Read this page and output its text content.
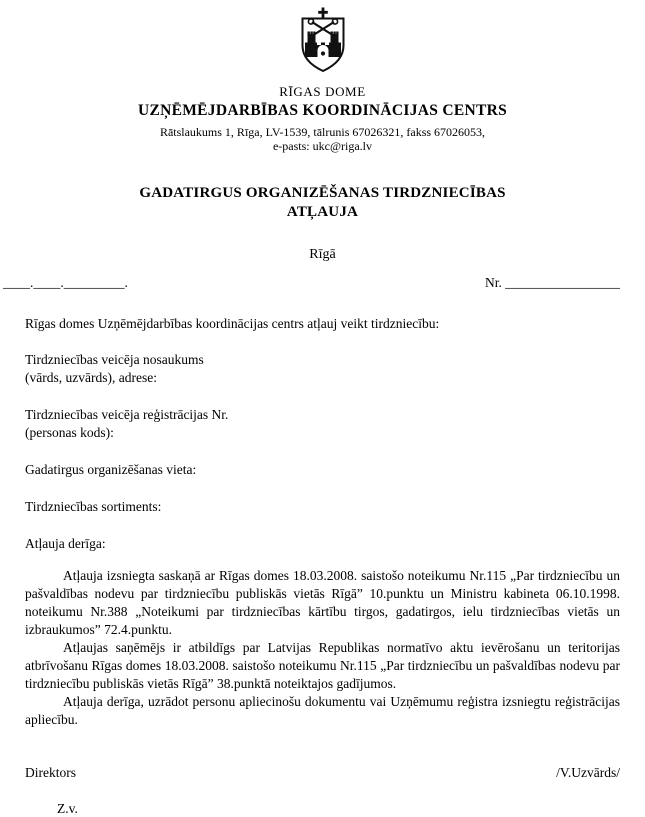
RĪGAS DOME
UZŅĒMĒJDARBĪBAS KOORDINĀCIJAS CENTRS
Rātslaukums 1, Rīga, LV-1539, tālrunis 67026321, fakss 67026053,
e-pasts: ukc@riga.lv
GADATIRGUS ORGANIZĒŠANAS TIRDZNIECĪBAS
ATĻAUJA
Rīgā
____.____._________.	Nr. _________________
Rīgas domes Uzņēmējdarbības koordinācijas centrs atļauj veikt tirdzniecību:
Tirdzniecības veicēja nosaukums
(vārds, uzvārds), adrese:
Tirdzniecības veicēja reģistrācijas Nr.
(personas kods):
Gadatirgus organizēšanas vieta:
Tirdzniecības sortiments:
Atļauja derīga:

Atļauja izsniegta saskaņā ar Rīgas domes 18.03.2008. saistošo noteikumu Nr.115 „Par tirdzniecību un pašvaldības nodevu par tirdzniecību publiskās vietās Rīgā” 10.punktu un Ministru kabineta 06.10.1998. noteikumu Nr.388 „Noteikumi par tirdzniecības kārtību tirgos, gadatirgos, ielu tirdzniecības vietās un izbraukumos” 72.4.punktu.

Atļaujas saņēmējs ir atbildīgs par Latvijas Republikas normatīvo aktu ievērošanu un teritorijas atbrīvošanu Rīgas domes 18.03.2008. saistošo noteikumu Nr.115 „Par tirdzniecību un pašvaldības nodevu par tirdzniecību publiskās vietās Rīgā” 38.punktā noteiktajos gadījumos.

Atļauja derīga, uzrādot personu apliecinošu dokumentu vai Uzņēmumu reģistra izsniegtu reģistrācijas apliecību.

Direktors	/V.Uzvārds/
Z.v.
